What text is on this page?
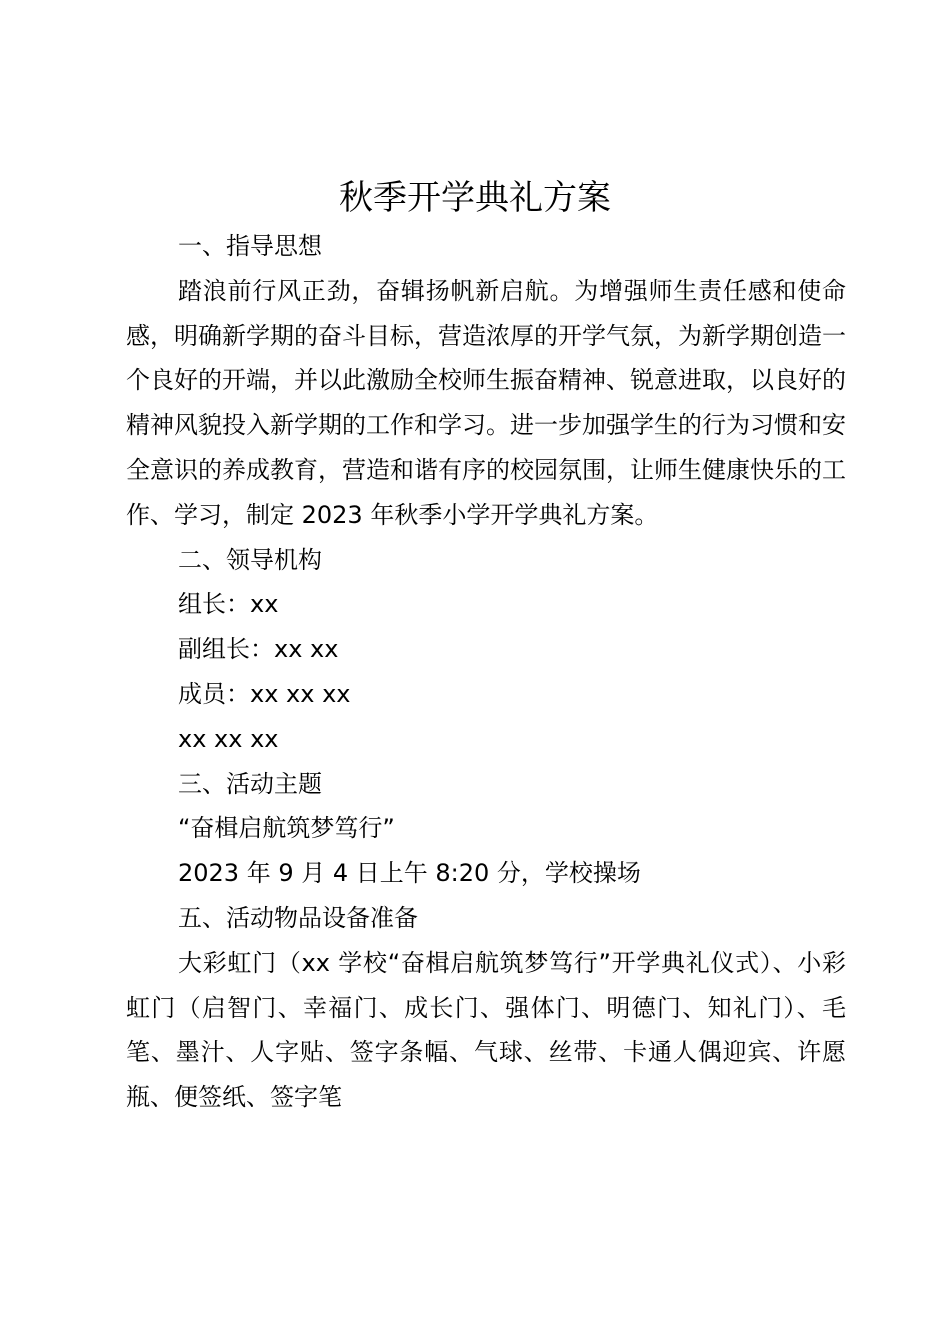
秋季开学典礼方案

一、指导思想

踏浪前行风正劲，奋辑扬帆新启航。为增强师生责任感和使命感，明确新学期的奋斗目标，营造浓厚的开学气氛，为新学期创造一个良好的开端，并以此激励全校师生振奋精神、锐意进取，以良好的精神风貌投入新学期的工作和学习。进一步加强学生的行为习惯和安全意识的养成教育，营造和谐有序的校园氛围，让师生健康快乐的工作、学习，制定 2023 年秋季小学开学典礼方案。

二、领导机构

组长：xx

副组长：xx xx

成员：xx xx xx

xx xx xx

三、活动主题

“奋楫启航筑梦笃行”

2023 年 9 月 4 日上午 8:20 分，学校操场

五、活动物品设备准备

大彩虹门（xx 学校“奋楫启航筑梦笃行”开学典礼仪式）、小彩虹门（启智门、幸福门、成长门、强体门、明德门、知礼门）、毛笔、墨汁、人字贴、签字条幅、气球、丝带、卡通人偶迎宾、许愿瓶、便签纸、签字笔
